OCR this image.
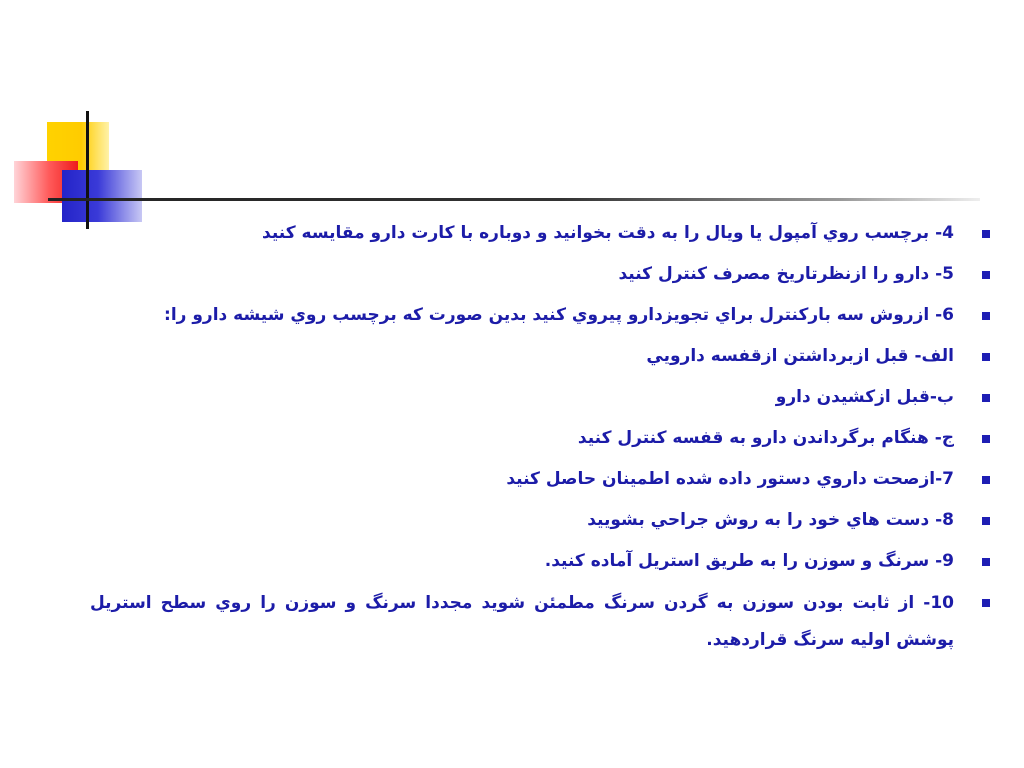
4- برچسب روي آمپول يا ويال را به دقت بخوانيد و دوباره با كارت دارو مقايسه كنيد
5- دارو را ازنظرتاريخ مصرف كنترل كنيد
6- ازروش سه باركنترل براي تجويزدارو پيروي كنيد بدين صورت كه برچسب روي شيشه دارو را:
الف- قبل ازبرداشتن ازقفسه دارويي
ب-قبل ازكشيدن دارو
ج- هنگام برگرداندن دارو به قفسه كنترل كنيد
7-ازصحت داروي دستور داده شده اطمينان حاصل كنيد
8- دست هاي خود را به روش جراحي بشوييد
9- سرنگ و سوزن را به طريق استريل آماده كنيد.
10- از ثابت بودن سوزن به گردن سرنگ مطمئن شويد مجددا سرنگ و سوزن را روي سطح استريل پوشش اوليه سرنگ قراردهيد.
